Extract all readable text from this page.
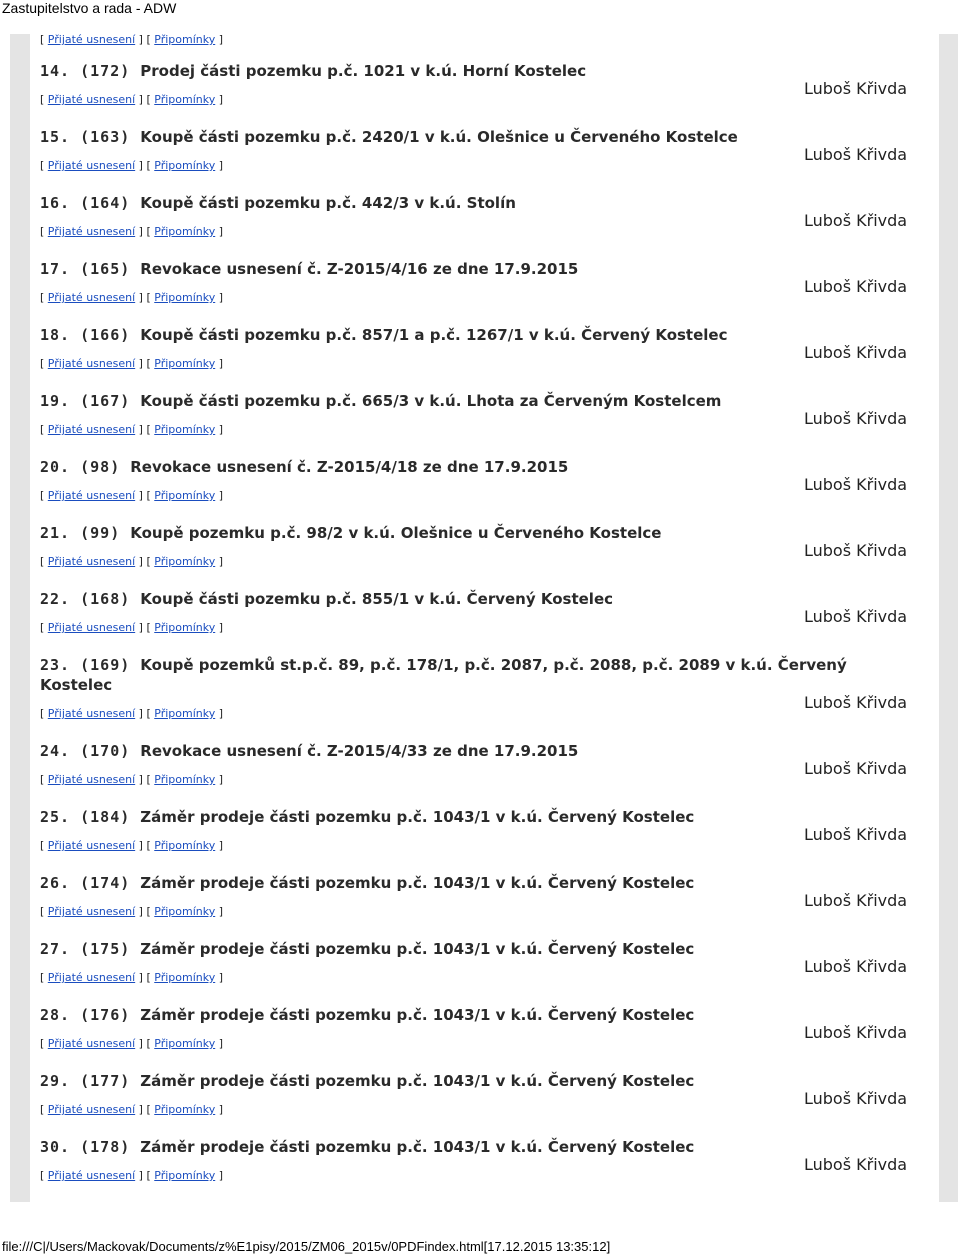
Zastupitelstvo a rada - ADW
[ Přijaté usnesení ] [ Připomínky ]
14. (172) Prodej části pozemku p.č. 1021 v k.ú. Horní Kostelec
[ Přijaté usnesení ] [ Připomínky ]
Luboš Křivda
15. (163) Koupě části pozemku p.č. 2420/1 v k.ú. Olešnice u Červeného Kostelce
[ Přijaté usnesení ] [ Připomínky ]
Luboš Křivda
16. (164) Koupě části pozemku p.č. 442/3 v k.ú. Stolín
[ Přijaté usnesení ] [ Připomínky ]
Luboš Křivda
17. (165) Revokace usnesení č. Z-2015/4/16 ze dne 17.9.2015
[ Přijaté usnesení ] [ Připomínky ]
Luboš Křivda
18. (166) Koupě části pozemku p.č. 857/1 a p.č. 1267/1 v k.ú. Červený Kostelec
[ Přijaté usnesení ] [ Připomínky ]
Luboš Křivda
19. (167) Koupě části pozemku p.č. 665/3 v k.ú. Lhota za Červeným Kostelcem
[ Přijaté usnesení ] [ Připomínky ]
Luboš Křivda
20. (98) Revokace usnesení č. Z-2015/4/18 ze dne 17.9.2015
[ Přijaté usnesení ] [ Připomínky ]
Luboš Křivda
21. (99) Koupě pozemku p.č. 98/2 v k.ú. Olešnice u Červeného Kostelce
[ Přijaté usnesení ] [ Připomínky ]
Luboš Křivda
22. (168) Koupě části pozemku p.č. 855/1 v k.ú. Červený Kostelec
[ Přijaté usnesení ] [ Připomínky ]
Luboš Křivda
23. (169) Koupě pozemků st.p.č. 89, p.č. 178/1, p.č. 2087, p.č. 2088, p.č. 2089 v k.ú. Červený Kostelec
[ Přijaté usnesení ] [ Připomínky ]
Luboš Křivda
24. (170) Revokace usnesení č. Z-2015/4/33 ze dne 17.9.2015
[ Přijaté usnesení ] [ Připomínky ]
Luboš Křivda
25. (184) Záměr prodeje části pozemku p.č. 1043/1 v k.ú. Červený Kostelec
[ Přijaté usnesení ] [ Připomínky ]
Luboš Křivda
26. (174) Záměr prodeje části pozemku p.č. 1043/1 v k.ú. Červený Kostelec
[ Přijaté usnesení ] [ Připomínky ]
Luboš Křivda
27. (175) Záměr prodeje části pozemku p.č. 1043/1 v k.ú. Červený Kostelec
[ Přijaté usnesení ] [ Připomínky ]
Luboš Křivda
28. (176) Záměr prodeje části pozemku p.č. 1043/1 v k.ú. Červený Kostelec
[ Přijaté usnesení ] [ Připomínky ]
Luboš Křivda
29. (177) Záměr prodeje části pozemku p.č. 1043/1 v k.ú. Červený Kostelec
[ Přijaté usnesení ] [ Připomínky ]
Luboš Křivda
30. (178) Záměr prodeje části pozemku p.č. 1043/1 v k.ú. Červený Kostelec
[ Přijaté usnesení ] [ Připomínky ]
Luboš Křivda
file:///C|/Users/Mackovak/Documents/z%E1pisy/2015/ZM06_2015v/0PDFindex.html[17.12.2015 13:35:12]
